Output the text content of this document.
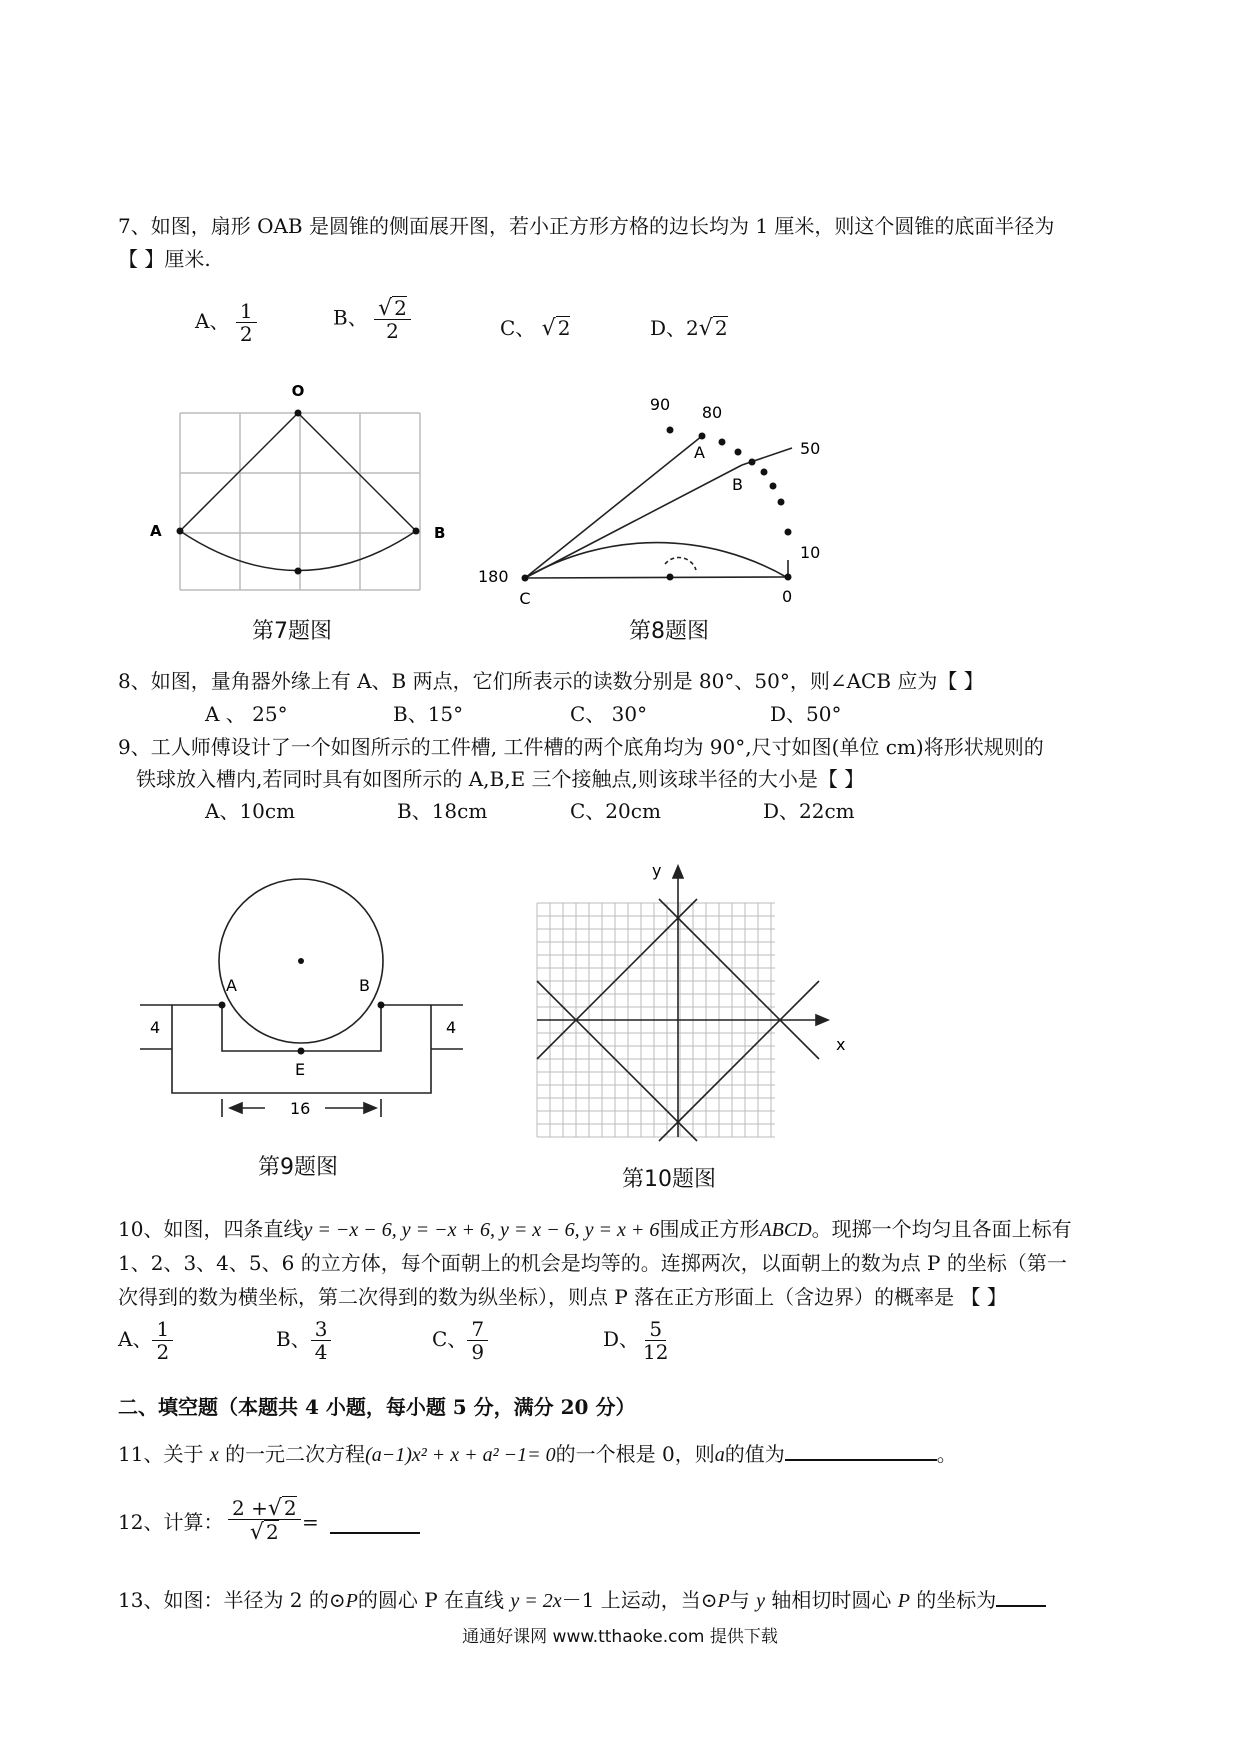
7、如图，扇形 OAB 是圆锥的侧面展开图，若小正方形方格的边长均为 1 厘米，则这个圆锥的底面半径为
【 】厘米.
A、 $\frac{1}{2}$	B、 $\frac{√ 2}{2}$	C、 √ 2	D、2 √ 2
O
A	B
第7题图
90 80
50
10
0
180
A
B
C
第8题图
8、如图，量角器外缘上有 A、B 两点，它们所表示的读数分别是 80°、50°，则∠ACB 应为【 】
A 、 25°	B、15°	C、 30°	D、50°
9、工人师傅设计了一个如图所示的工件槽, 工件槽的两个底角均为 90°,尺寸如图(单位 cm)将形状规则的
铁球放入槽内,若同时具有如图所示的 A,B,E 三个接触点,则该球半径的大小是【 】
A、10cm	B、18cm	C、20cm	D、22cm
A	B
E
4	4
16
第9题图
x
y
第10题图
10、如图，四条直线y = −x − 6, y = −x + 6, y = x − 6, y = x + 6围成正方形ABCD。现掷一个均匀且各面上标有
1、2、3、4、5、6 的立方体，每个面朝上的机会是均等的。连掷两次，以面朝上的数为点 P 的坐标（第一
次得到的数为横坐标，第二次得到的数为纵坐标），则点 P 落在正方形面上（含边界）的概率是 【 】
A、 $\frac{1}{2}$	B、 $\frac{3}{4}$	C、 $\frac{7}{9}$	D、 $\frac{5}{12}$
二、填空题（本题共 4 小题，每小题 5 分，满分 20 分）
11、关于 x 的一元二次方程(a−1)x² + x + a² −1= 0的一个根是 0，则a的值为	。
12、计算： $\frac{2 + √ 2}{√ 2}$ =
13、如图：半径为 2 的⊙P的圆心 P 在直线 y = 2x－1 上运动，当⊙P与 y 轴相切时圆心 P 的坐标为
通通好课网 www.tthaoke.com 提供下载
